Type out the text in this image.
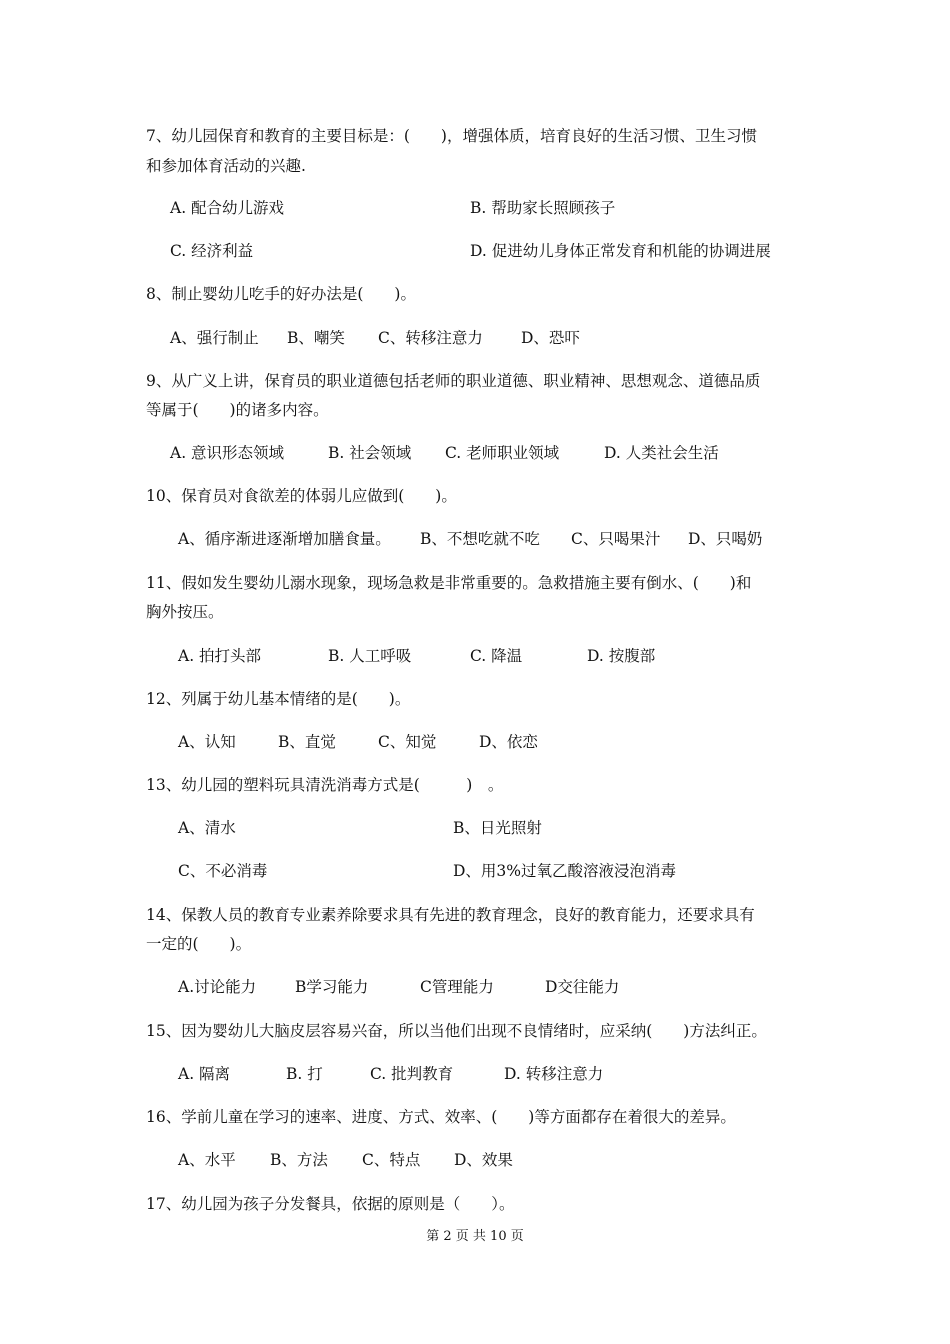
7、幼儿园保育和教育的主要目标是：(　　)，增强体质，培育良好的生活习惯、卫生习惯
和参加体育活动的兴趣.
A. 配合幼儿游戏	B. 帮助家长照顾孩子
C. 经济利益	D. 促进幼儿身体正常发育和机能的协调进展
8、制止婴幼儿吃手的好办法是(　　)。
A、强行制止 B、嘲笑 C、转移注意力 D、恐吓
9、从广义上讲，保育员的职业道德包括老师的职业道德、职业精神、思想观念、道德品质
等属于(　　)的诸多内容。
A. 意识形态领域	B. 社会领域 C. 老师职业领域	D. 人类社会生活
10、保育员对食欲差的体弱儿应做到(　　)。
A、循序渐进逐渐增加膳食量。 B、不想吃就不吃 C、只喝果汁 D、只喝奶
11、假如发生婴幼儿溺水现象，现场急救是非常重要的。急救措施主要有倒水、(　　)和
胸外按压。
A. 拍打头部	B. 人工呼吸	C. 降温	D. 按腹部
12、列属于幼儿基本情绪的是(　　)。
A、认知	B、直觉	C、知觉	D、依恋
13、幼儿园的塑料玩具清洗消毒方式是(　　　)　。
A、清水	B、日光照射
C、不必消毒	D、用3%过氧乙酸溶液浸泡消毒
14、保教人员的教育专业素养除要求具有先进的教育理念，良好的教育能力，还要求具有
一定的(　　)。
A.讨论能力	B学习能力	C管理能力	D交往能力
15、因为婴幼儿大脑皮层容易兴奋，所以当他们出现不良情绪时，应采纳(　　)方法纠正。
A. 隔离	B. 打	C. 批判教育	D. 转移注意力
16、学前儿童在学习的速率、进度、方式、效率、(　　)等方面都存在着很大的差异。
A、水平 B、方法 C、特点 D、效果
17、幼儿园为孩子分发餐具，依据的原则是（　　）。
第 2 页 共 10 页
